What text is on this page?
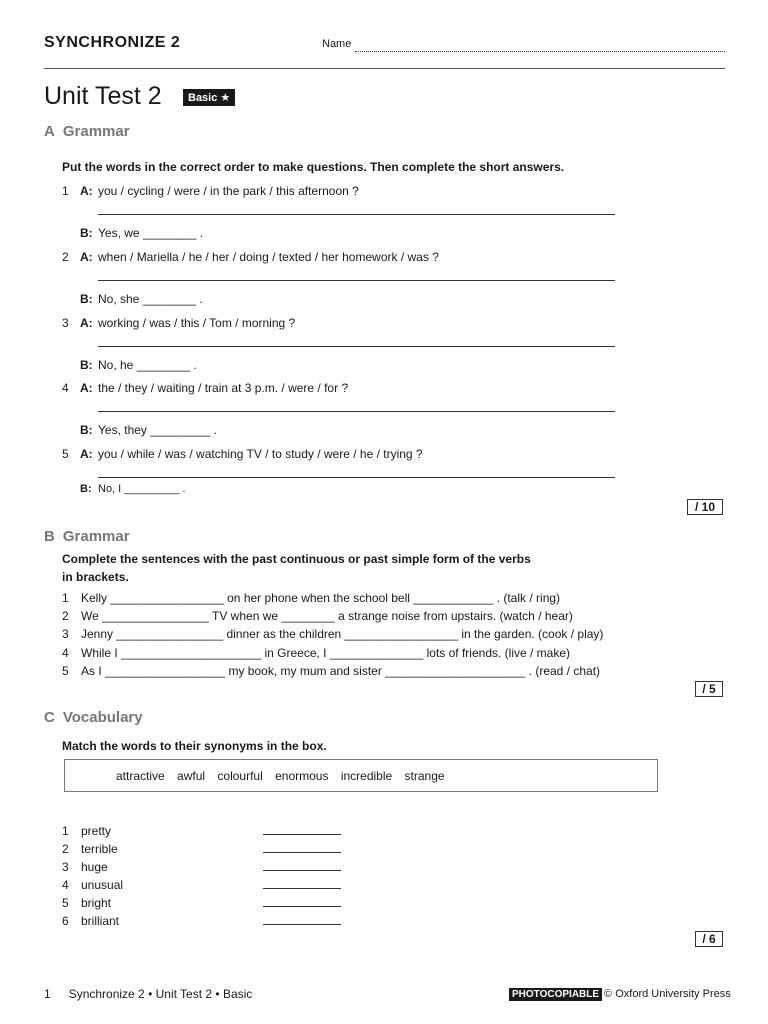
SYNCHRONIZE 2	Name
Unit Test 2	Basic ★
A Grammar
Put the words in the correct order to make questions. Then complete the short answers.
1 A: you / cycling / were / in the park / this afternoon ?
B: Yes, we ________ .
2 A: when / Mariella / he / her / doing / texted / her homework / was ?
B: No, she ________ .
3 A: working / was / this / Tom / morning ?
B: No, he ________ .
4 A: the / they / waiting / train at 3 p.m. / were / for ?
B: Yes, they _________ .
5 A: you / while / was / watching TV / to study / were / he / trying ?
B: No, I _________ .
/ 10
B Grammar
Complete the sentences with the past continuous or past simple form of the verbs
in brackets.
1 Kelly _________________ on her phone when the school bell ____________ . (talk / ring)
2 We ________________ TV when we ________ a strange noise from upstairs. (watch / hear)
3 Jenny ________________ dinner as the children _________________ in the garden. (cook / play)
4 While I _____________________ in Greece, I ______________ lots of friends. (live / make)
5 As I __________________ my book, my mum and sister _____________________ . (read / chat)
/ 5
C Vocabulary
Match the words to their synonyms in the box.
attractive awful colourful enormous incredible strange
1 pretty
2 terrible
3 huge
4 unusual
5 bright
6 brilliant
/ 6
1 Synchronize 2 • Unit Test 2 • Basic	PHOTOCOPIABLE © Oxford University Press
